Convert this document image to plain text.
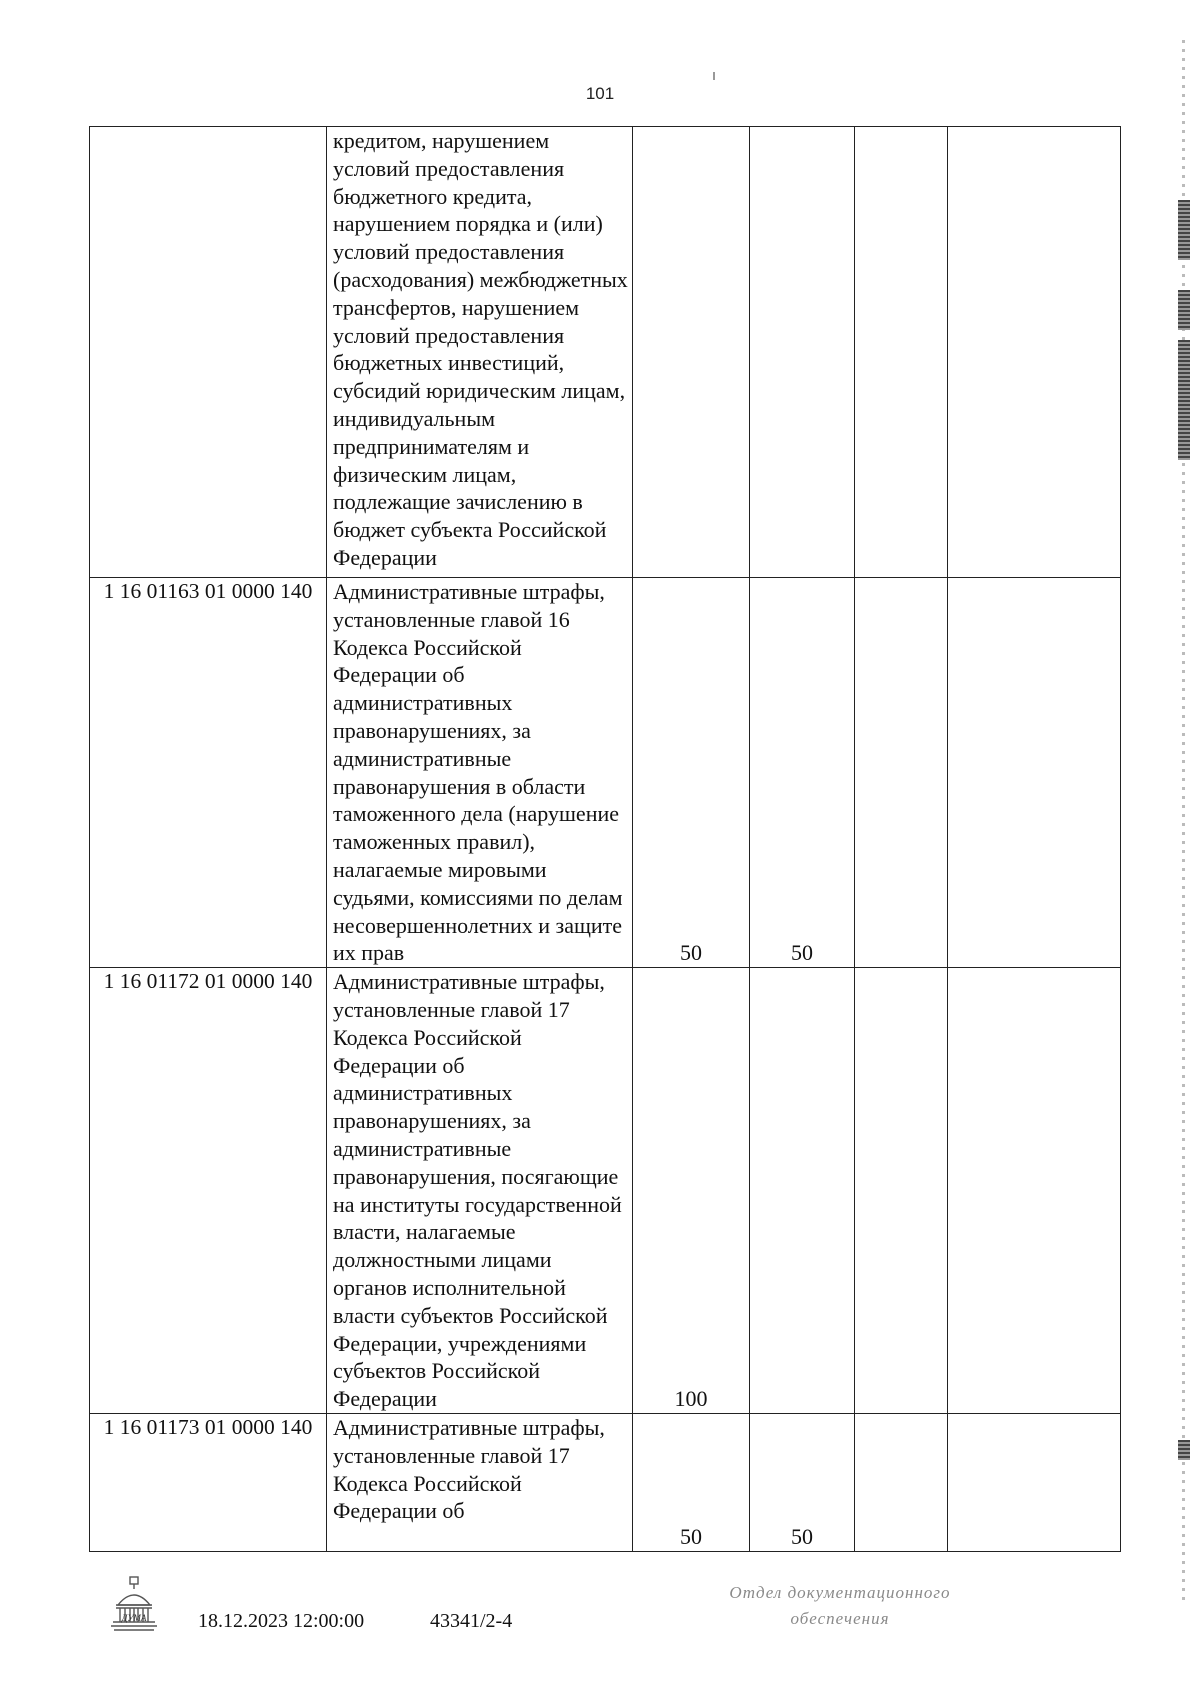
101
	кредитом, нарушением условий предоставления бюджетного кредита, нарушением порядка и (или) условий предоставления (расходования) межбюджетных трансфертов, нарушением условий предоставления бюджетных инвестиций, субсидий юридическим лицам, индивидуальным предпринимателям и физическим лицам, подлежащие зачислению в бюджет субъекта Российской Федерации				
1 16 01163 01 0000 140	Административные штрафы, установленные главой 16 Кодекса Российской Федерации об административных правонарушениях, за административные правонарушения в области таможенного дела (нарушение таможенных правил), налагаемые мировыми судьями, комиссиями по делам несовершеннолетних и защите их прав	50	50		
1 16 01172 01 0000 140	Административные штрафы, установленные главой 17 Кодекса Российской Федерации об административных правонарушениях, за административные правонарушения, посягающие на институты государственной власти, налагаемые должностными лицами органов исполнительной власти субъектов Российской Федерации, учреждениями субъектов Российской Федерации	100			
1 16 01173 01 0000 140	Административные штрафы, установленные главой 17 Кодекса Российской Федерации об	50	50		
ДУМА	18.12.2023 12:00:00	43341/2-4
Отдел документационного
обеспечения
